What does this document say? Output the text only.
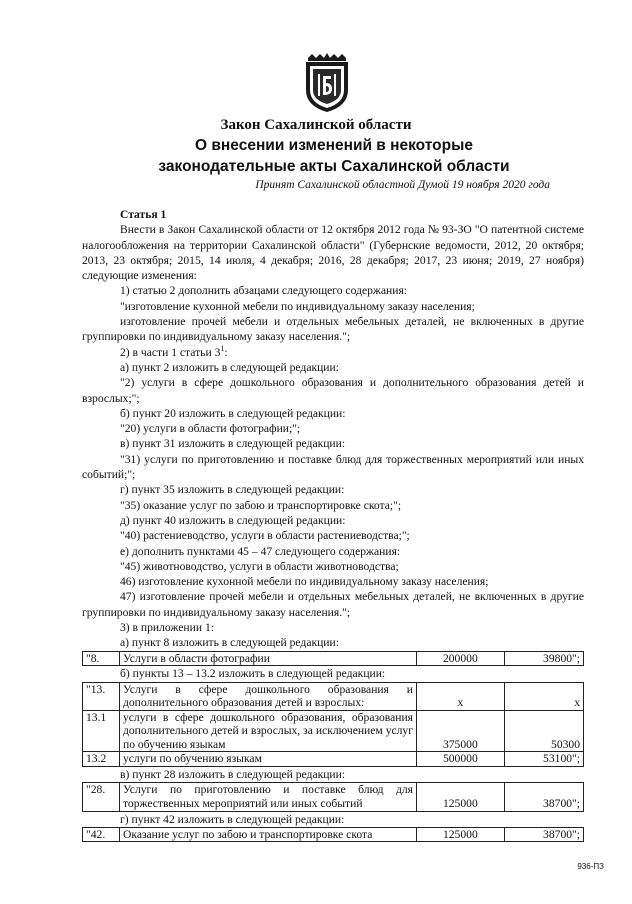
Закон Сахалинской области
О внесении изменений в некоторые
законодательные акты Сахалинской области
Принят Сахалинской областной Думой 19 ноября 2020 года
Статья 1

Внести в Закон Сахалинской области от 12 октября 2012 года № 93-ЗО "О патентной системе налогообложения на территории Сахалинской области" (Губернские ведомости, 2012, 20 октября; 2013, 23 октября; 2015, 14 июля, 4 декабря; 2016, 28 декабря; 2017, 23 июня; 2019, 27 ноября) следующие изменения:

1) статью 2 дополнить абзацами следующего содержания:

"изготовление кухонной мебели по индивидуальному заказу населения;

изготовление прочей мебели и отдельных мебельных деталей, не включенных в другие группировки по индивидуальному заказу населения.";

2) в части 1 статьи $3^1$:

а) пункт 2 изложить в следующей редакции:

"2) услуги в сфере дошкольного образования и дополнительного образования детей и взрослых;";

б) пункт 20 изложить в следующей редакции:

"20) услуги в области фотографии;";

в) пункт 31 изложить в следующей редакции:

"31) услуги по приготовлению и поставке блюд для торжественных мероприятий или иных событий;";

г) пункт 35 изложить в следующей редакции:

"35) оказание услуг по забою и транспортировке скота;";

д) пункт 40 изложить в следующей редакции:

"40) растениеводство, услуги в области растениеводства;";

е) дополнить пунктами 45 – 47 следующего содержания:

"45) животноводство, услуги в области животноводства;

46) изготовление кухонной мебели по индивидуальному заказу населения;

47) изготовление прочей мебели и отдельных мебельных деталей, не включенных в другие группировки по индивидуальному заказу населения.";

3) в приложении 1:

а) пункт 8 изложить в следующей редакции:

"8.	Услуги в области фотографии	200000	39800";

б) пункты 13 – 13.2 изложить в следующей редакции:

"13.	Услуги в сфере дошкольного образования и дополнительного образования детей и взрослых:	х	х
13.1	услуги в сфере дошкольного образования, образования дополнительного детей и взрослых, за исключением услуг по обучению языкам	375000	50300
13.2	услуги по обучению языкам	500000	53100";

в) пункт 28 изложить в следующей редакции:

"28.	Услуги по приготовлению и поставке блюд для торжественных мероприятий или иных событий	125000	38700";

г) пункт 42 изложить в следующей редакции:

"42.	Оказание услуг по забою и транспортировке скота	125000	38700";
936-ПЗ
